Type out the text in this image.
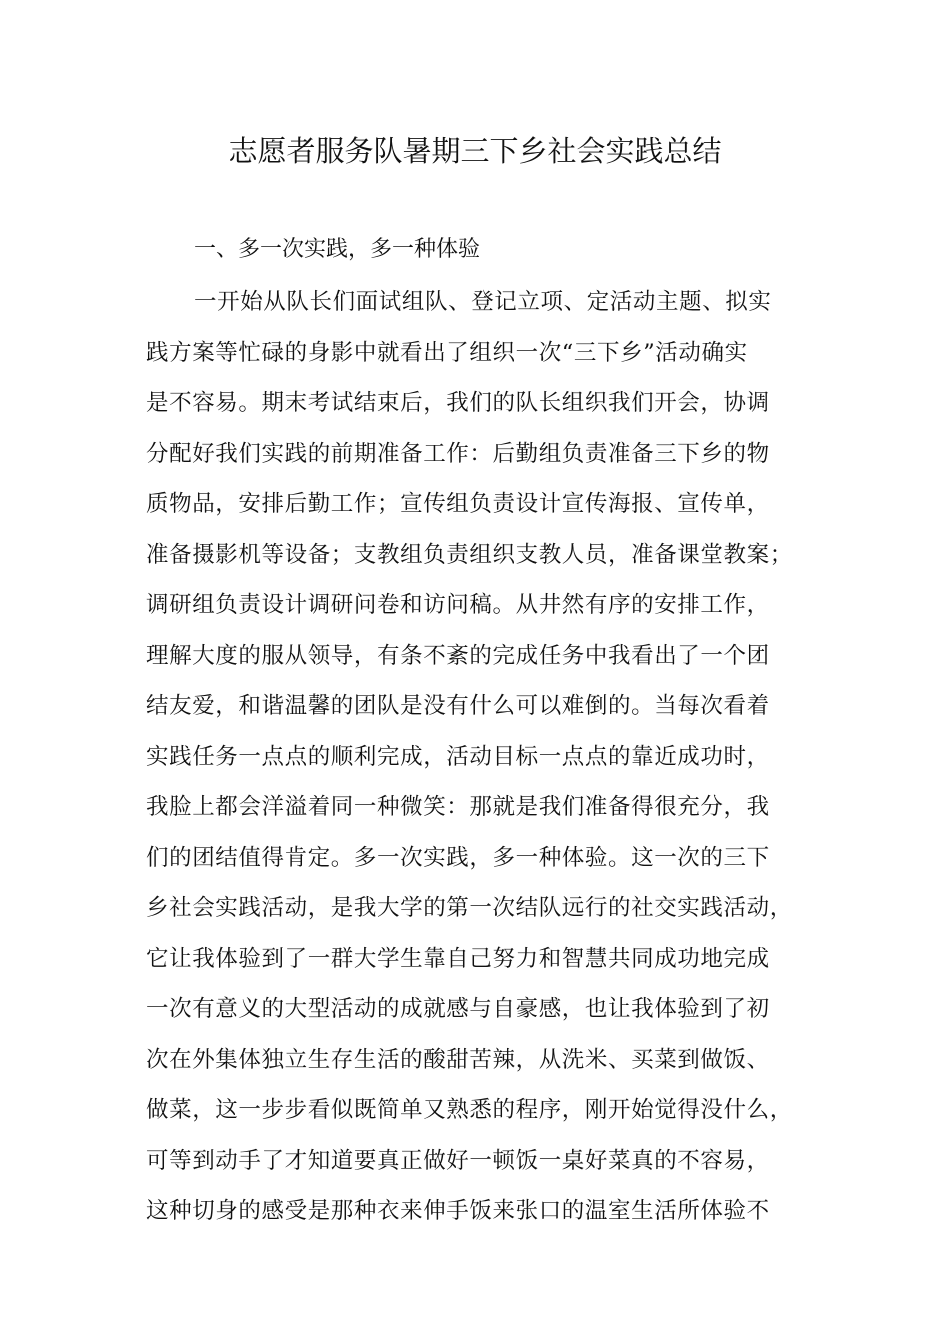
志愿者服务队暑期三下乡社会实践总结

一、多一次实践，多一种体验

一开始从队长们面试组队、登记立项、定活动主题、拟实
践方案等忙碌的身影中就看出了组织一次“三下乡”活动确实
是不容易。期末考试结束后，我们的队长组织我们开会，协调
分配好我们实践的前期准备工作：后勤组负责准备三下乡的物
质物品，安排后勤工作；宣传组负责设计宣传海报、宣传单，
准备摄影机等设备；支教组负责组织支教人员，准备课堂教案；
调研组负责设计调研问卷和访问稿。从井然有序的安排工作，
理解大度的服从领导，有条不紊的完成任务中我看出了一个团
结友爱，和谐温馨的团队是没有什么可以难倒的。当每次看着
实践任务一点点的顺利完成，活动目标一点点的靠近成功时，
我脸上都会洋溢着同一种微笑：那就是我们准备得很充分，我
们的团结值得肯定。多一次实践，多一种体验。这一次的三下
乡社会实践活动，是我大学的第一次结队远行的社交实践活动，
它让我体验到了一群大学生靠自己努力和智慧共同成功地完成
一次有意义的大型活动的成就感与自豪感，也让我体验到了初
次在外集体独立生存生活的酸甜苦辣，从洗米、买菜到做饭、
做菜，这一步步看似既简单又熟悉的程序，刚开始觉得没什么，
可等到动手了才知道要真正做好一顿饭一桌好菜真的不容易，
这种切身的感受是那种衣来伸手饭来张口的温室生活所体验不
